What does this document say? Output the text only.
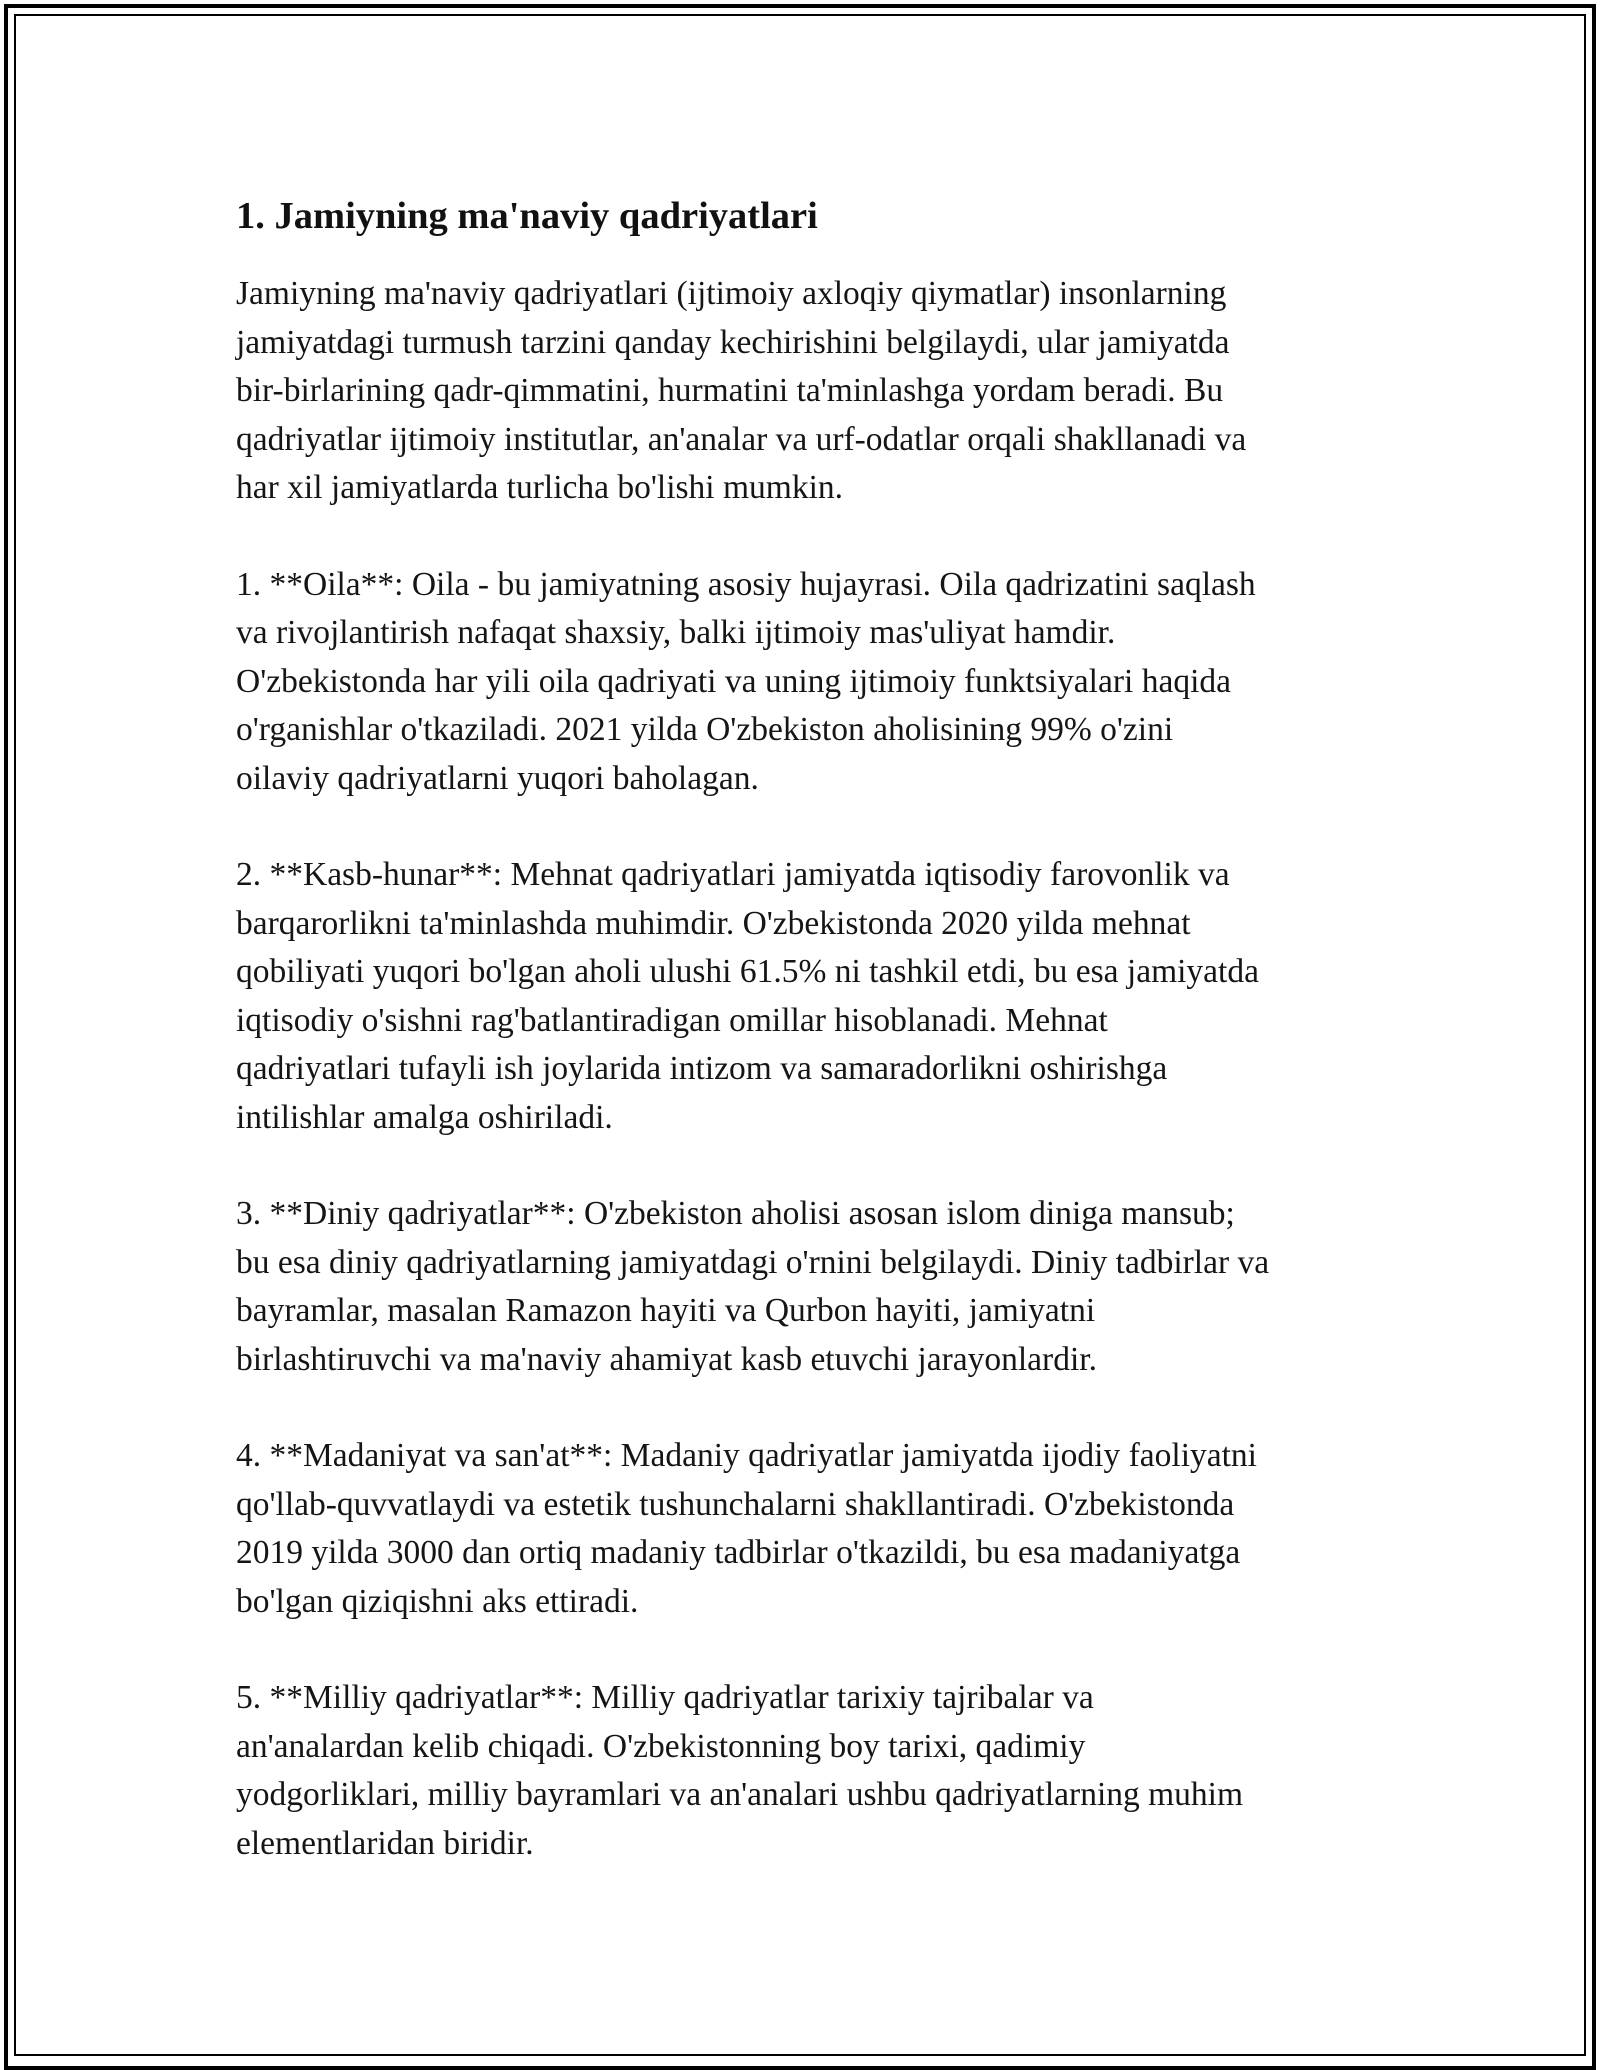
1. Jamiyning ma'naviy qadriyatlari

Jamiyning ma'naviy qadriyatlari (ijtimoiy axloqiy qiymatlar) insonlarning
jamiyatdagi turmush tarzini qanday kechirishini belgilaydi, ular jamiyatda
bir-birlarining qadr-qimmatini, hurmatini ta'minlashga yordam beradi. Bu
qadriyatlar ijtimoiy institutlar, an'analar va urf-odatlar orqali shakllanadi va
har xil jamiyatlarda turlicha bo'lishi mumkin.

1. **Oila**: Oila - bu jamiyatning asosiy hujayrasi. Oila qadrizatini saqlash
va rivojlantirish nafaqat shaxsiy, balki ijtimoiy mas'uliyat hamdir.
O'zbekistonda har yili oila qadriyati va uning ijtimoiy funktsiyalari haqida
o'rganishlar o'tkaziladi. 2021 yilda O'zbekiston aholisining 99% o'zini
oilaviy qadriyatlarni yuqori baholagan.

2. **Kasb-hunar**: Mehnat qadriyatlari jamiyatda iqtisodiy farovonlik va
barqarorlikni ta'minlashda muhimdir. O'zbekistonda 2020 yilda mehnat
qobiliyati yuqori bo'lgan aholi ulushi 61.5% ni tashkil etdi, bu esa jamiyatda
iqtisodiy o'sishni rag'batlantiradigan omillar hisoblanadi. Mehnat
qadriyatlari tufayli ish joylarida intizom va samaradorlikni oshirishga
intilishlar amalga oshiriladi.

3. **Diniy qadriyatlar**: O'zbekiston aholisi asosan islom diniga mansub;
bu esa diniy qadriyatlarning jamiyatdagi o'rnini belgilaydi. Diniy tadbirlar va
bayramlar, masalan Ramazon hayiti va Qurbon hayiti, jamiyatni
birlashtiruvchi va ma'naviy ahamiyat kasb etuvchi jarayonlardir.

4. **Madaniyat va san'at**: Madaniy qadriyatlar jamiyatda ijodiy faoliyatni
qo'llab-quvvatlaydi va estetik tushunchalarni shakllantiradi. O'zbekistonda
2019 yilda 3000 dan ortiq madaniy tadbirlar o'tkazildi, bu esa madaniyatga
bo'lgan qiziqishni aks ettiradi.

5. **Milliy qadriyatlar**: Milliy qadriyatlar tarixiy tajribalar va
an'analardan kelib chiqadi. O'zbekistonning boy tarixi, qadimiy
yodgorliklari, milliy bayramlari va an'analari ushbu qadriyatlarning muhim
elementlaridan biridir.
